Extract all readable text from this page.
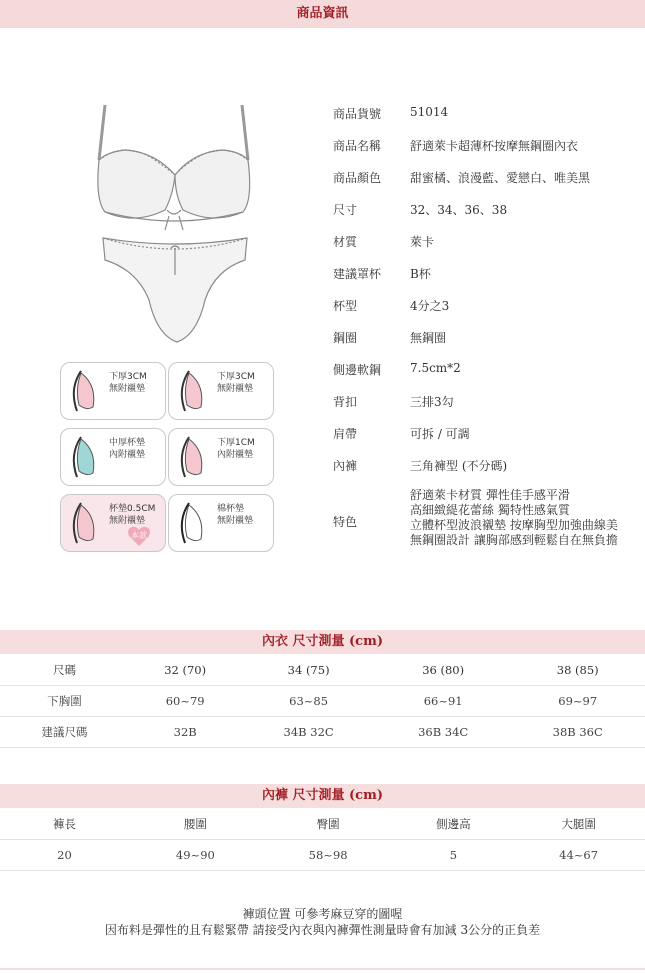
商品資訊
下厚3CM
無附襯墊
下厚3CM
無附襯墊
中厚杯墊
內附襯墊
下厚1CM
內附襯墊
杯墊0.5CM
無附襯墊
本款
棉杯墊
無附襯墊
商品貨號 51014
商品名稱 舒適萊卡超薄杯按摩無鋼圈內衣
商品顏色 甜蜜橘、浪漫藍、愛戀白、唯美黑
尺寸	32、34、36、38
材質	萊卡
建議罩杯 B杯
杯型	4分之3
鋼圈	無鋼圈
側邊軟鋼 7.5cm*2
背扣	三排3勾
肩帶	可拆 / 可調
內褲	三角褲型 (不分碼)
特色
舒適萊卡材質 彈性佳手感平滑
高細緻緹花蕾絲 獨特性感氣質
立體杯型波浪襯墊 按摩胸型加強曲線美
無鋼圈設計 讓胸部感到輕鬆自在無負擔
內衣 尺寸測量 (cm)
尺碼	32 (70)	34 (75)	36 (80)	38 (85)
下胸圍	60~79	63~85	66~91	69~97
建議尺碼	32B	34B 32C	36B 34C	38B 36C
內褲 尺寸測量 (cm)
褲長	腰圍	臀圍	側邊高	大腿圍
20	49~90	58~98	5	44~67
褲頭位置 可參考麻豆穿的圖喔
因布料是彈性的且有鬆緊帶 請接受內衣與內褲彈性測量時會有加減 3公分的正負差
